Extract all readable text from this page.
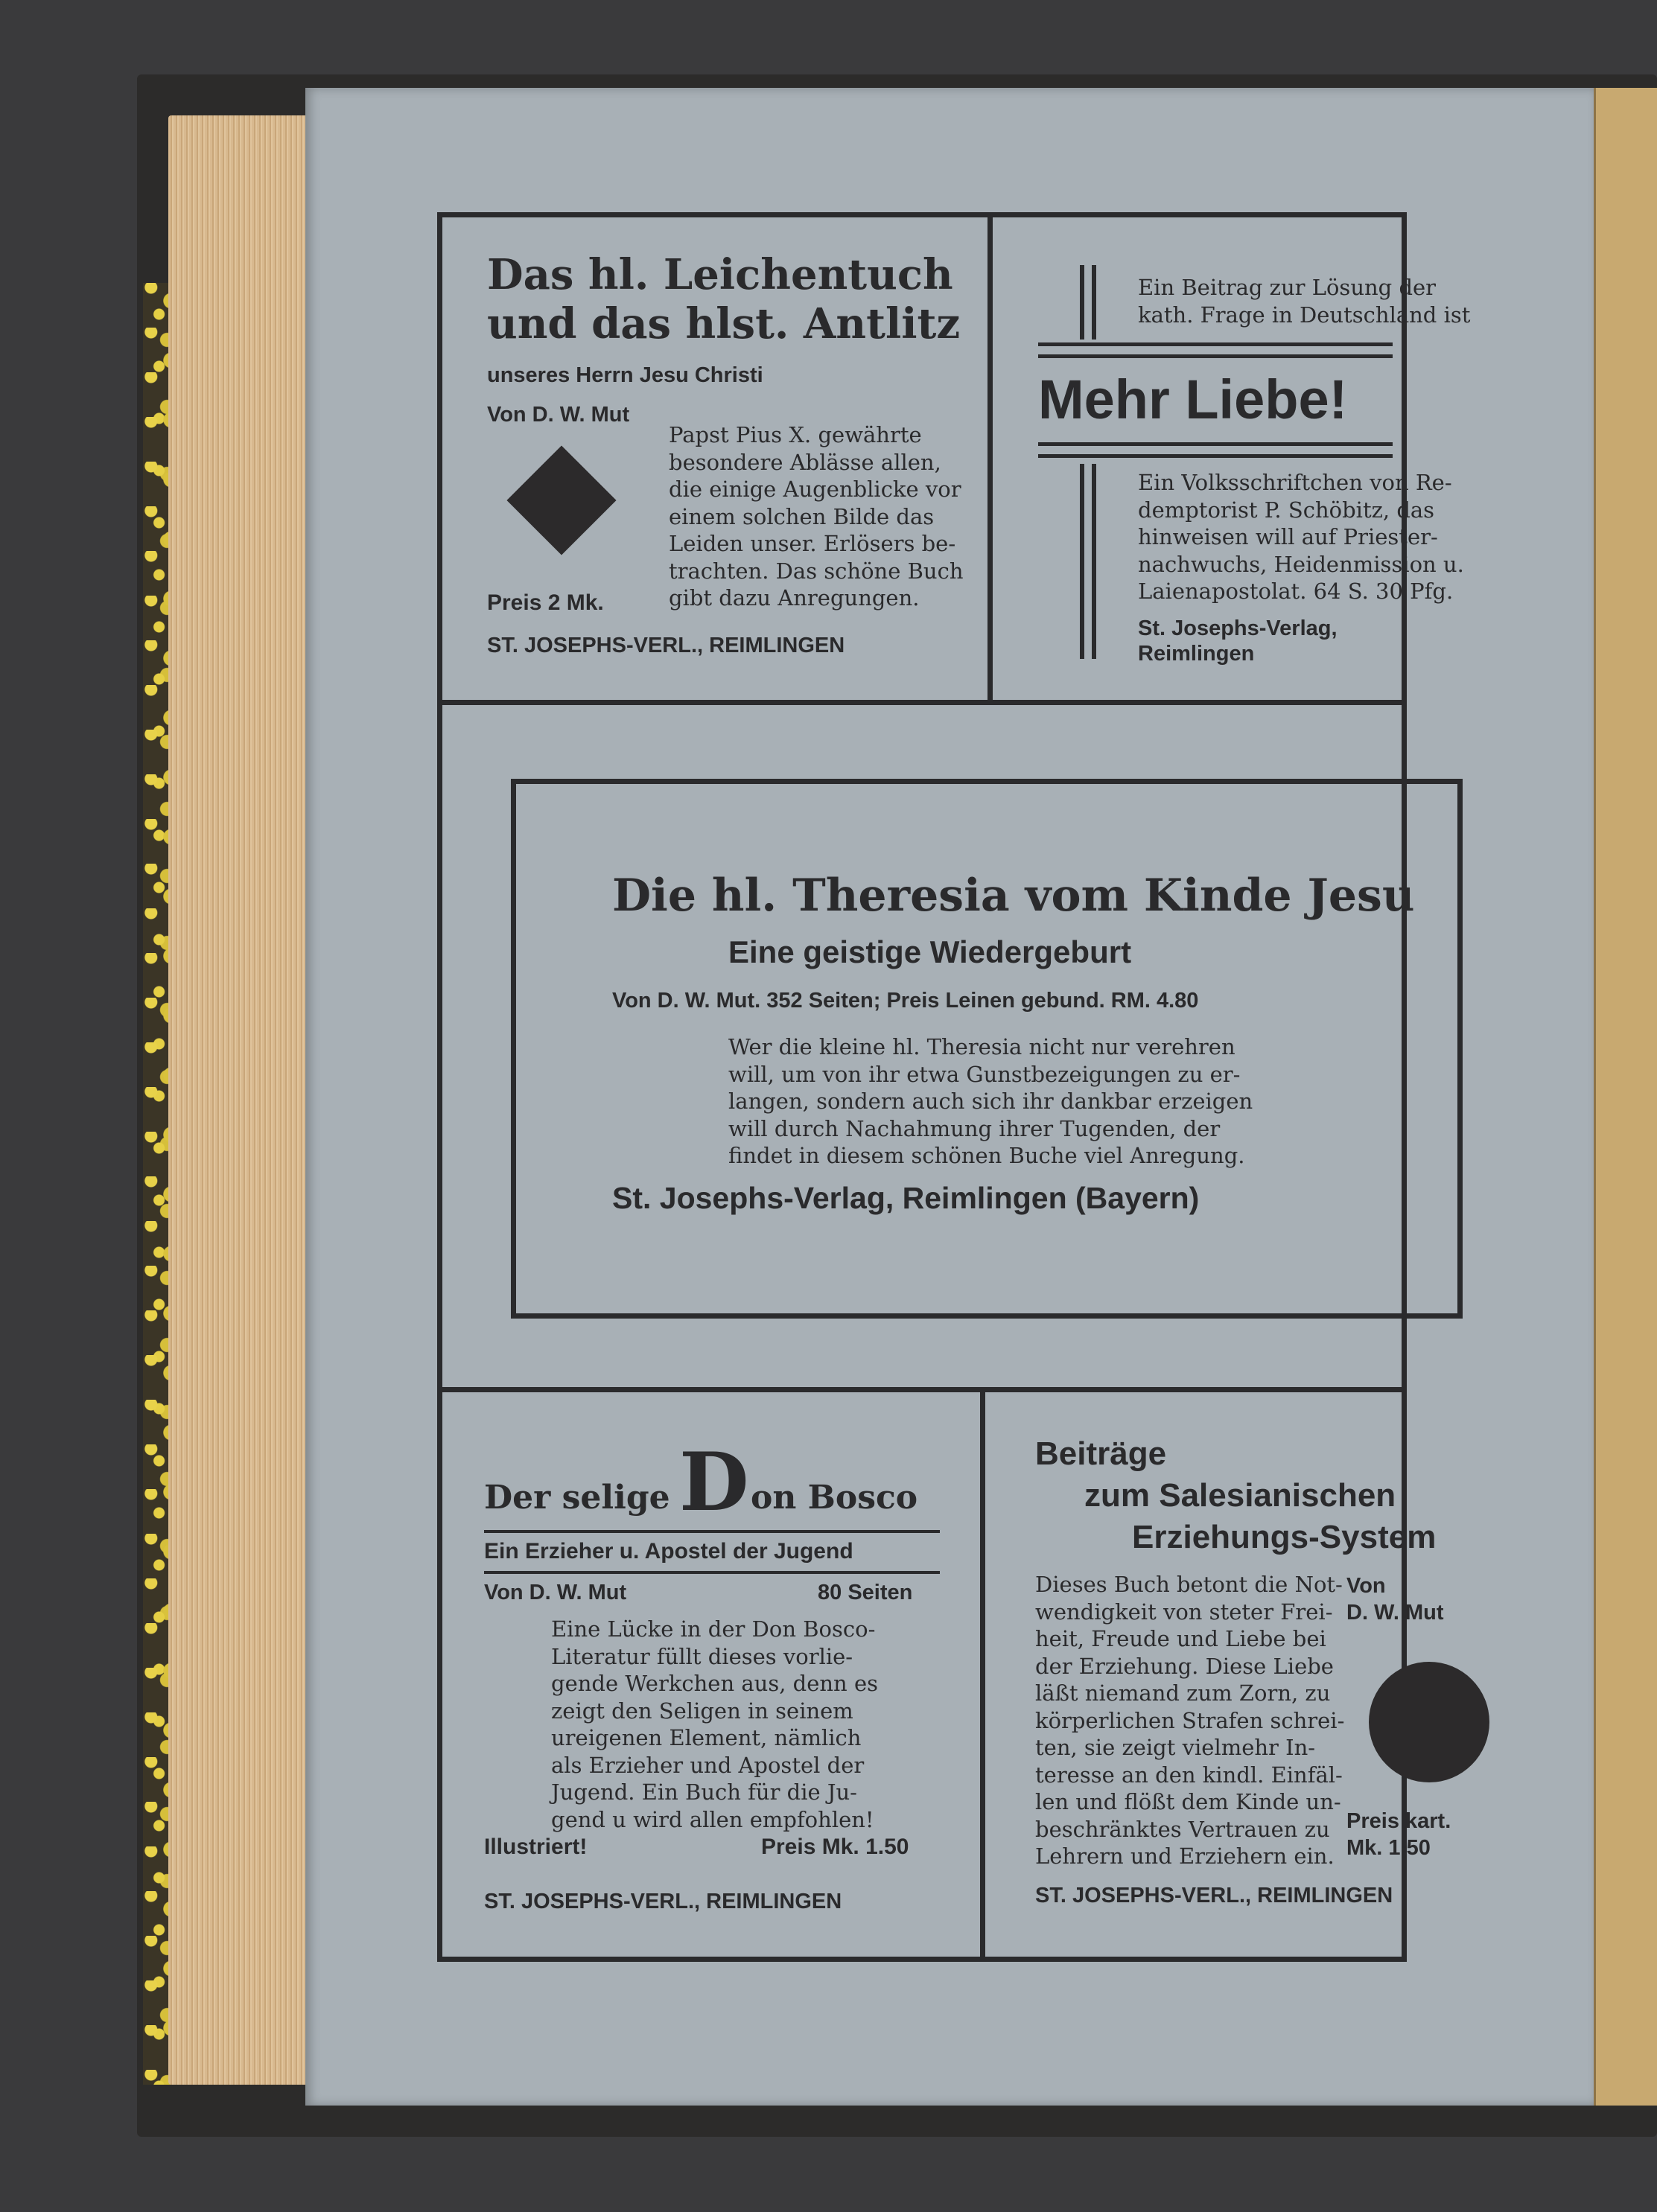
Das hl. Leichentuch
und das hlst. Antlitz
unseres Herrn Jesu Christi
Von D. W. Mut
Papst Pius X. gewährte
besondere Ablässe allen,
die einige Augenblicke vor
einem solchen Bilde das
Leiden unser. Erlösers be-
trachten. Das schöne Buch
gibt dazu Anregungen.
Preis 2 Mk.
ST. JOSEPHS-VERL., REIMLINGEN
Ein Beitrag zur Lösung der
kath. Frage in Deutschland ist
Mehr Liebe!
Ein Volksschriftchen von Re-
demptorist P. Schöbitz, das
hinweisen will auf Priester-
nachwuchs, Heidenmission u.
Laienapostolat. 64 S. 30 Pfg.
St. Josephs-Verlag,
Reimlingen
Die hl. Theresia vom Kinde Jesu
Eine geistige Wiedergeburt
Von D. W. Mut. 352 Seiten; Preis Leinen gebund. RM. 4.80
Wer die kleine hl. Theresia nicht nur verehren
will, um von ihr etwa Gunstbezeigungen zu er-
langen, sondern auch sich ihr dankbar erzeigen
will durch Nachahmung ihrer Tugenden, der
findet in diesem schönen Buche viel Anregung.
St. Josephs-Verlag, Reimlingen (Bayern)
Der selige D on Bosco
Ein Erzieher u. Apostel der Jugend
Von D. W. Mut	80 Seiten
Eine Lücke in der Don Bosco-
Literatur füllt dieses vorlie-
gende Werkchen aus, denn es
zeigt den Seligen in seinem
ureigenen Element, nämlich
als Erzieher und Apostel der
Jugend. Ein Buch für die Ju-
gend u wird allen empfohlen!
Illustriert!	Preis Mk. 1.50
ST. JOSEPHS-VERL., REIMLINGEN
Beiträge
zum Salesianischen
Erziehungs-System
Dieses Buch betont die Not-
wendigkeit von steter Frei-
heit, Freude und Liebe bei
der Erziehung. Diese Liebe
läßt niemand zum Zorn, zu
körperlichen Strafen schrei-
ten, sie zeigt vielmehr In-
teresse an den kindl. Einfäl-
len und flößt dem Kinde un-
beschränktes Vertrauen zu
Lehrern und Erziehern ein.
Von
D. W. Mut
Preis kart.
Mk. 1.50
ST. JOSEPHS-VERL., REIMLINGEN
